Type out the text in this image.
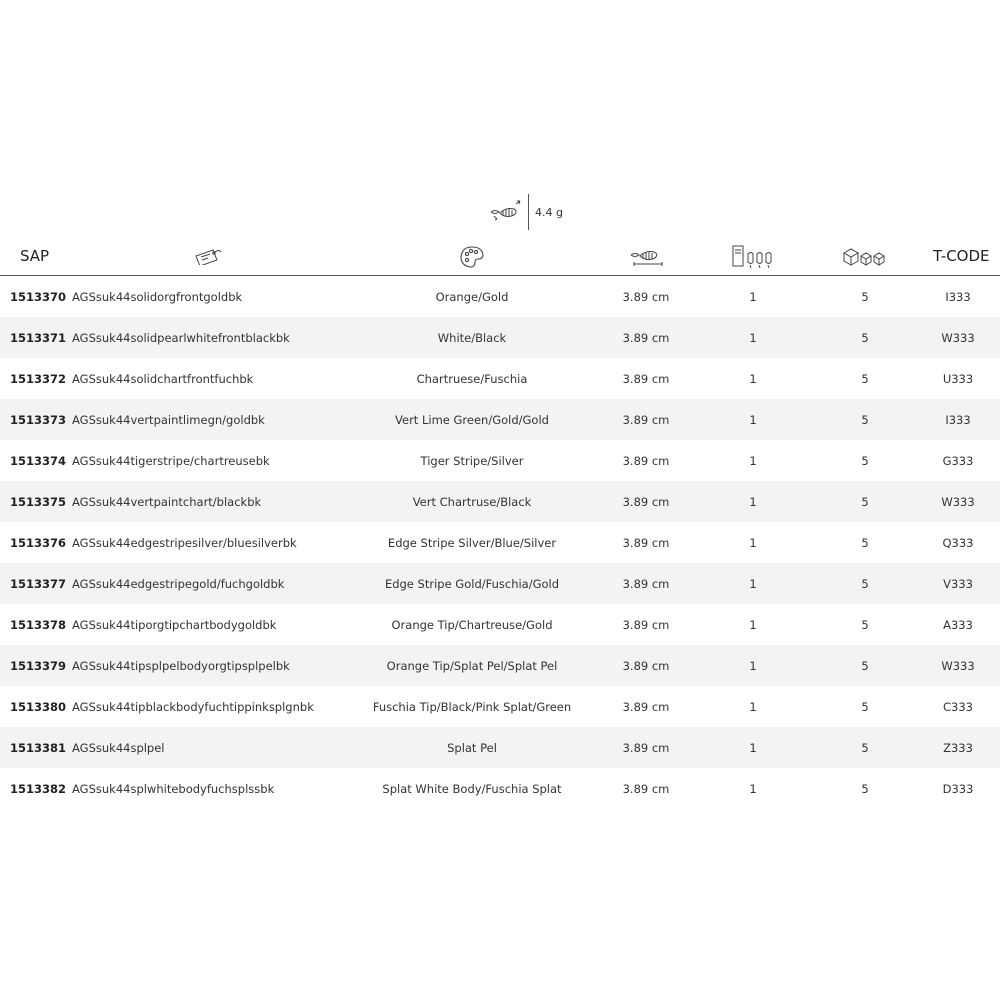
4.4 g
SAP	T-CODE
1513370 AGSsuk44solidorgfrontgoldbk	Orange/Gold	3.89 cm	1	5	I333
1513371 AGSsuk44solidpearlwhitefrontblackbk	White/Black	3.89 cm	1	5	W333
1513372 AGSsuk44solidchartfrontfuchbk	Chartruese/Fuschia	3.89 cm	1	5	U333
1513373 AGSsuk44vertpaintlimegn/goldbk	Vert Lime Green/Gold/Gold	3.89 cm	1	5	I333
1513374 AGSsuk44tigerstripe/chartreusebk	Tiger Stripe/Silver	3.89 cm	1	5	G333
1513375 AGSsuk44vertpaintchart/blackbk	Vert Chartruse/Black	3.89 cm	1	5	W333
1513376 AGSsuk44edgestripesilver/bluesilverbk	Edge Stripe Silver/Blue/Silver	3.89 cm	1	5	Q333
1513377 AGSsuk44edgestripegold/fuchgoldbk	Edge Stripe Gold/Fuschia/Gold	3.89 cm	1	5	V333
1513378 AGSsuk44tiporgtipchartbodygoldbk	Orange Tip/Chartreuse/Gold	3.89 cm	1	5	A333
1513379 AGSsuk44tipsplpelbodyorgtipsplpelbk	Orange Tip/Splat Pel/Splat Pel	3.89 cm	1	5	W333
1513380 AGSsuk44tipblackbodyfuchtippinksplgnbk	Fuschia Tip/Black/Pink Splat/Green	3.89 cm	1	5	C333
1513381 AGSsuk44splpel	Splat Pel	3.89 cm	1	5	Z333
1513382 AGSsuk44splwhitebodyfuchsplssbk	Splat White Body/Fuschia Splat	3.89 cm	1	5	D333
